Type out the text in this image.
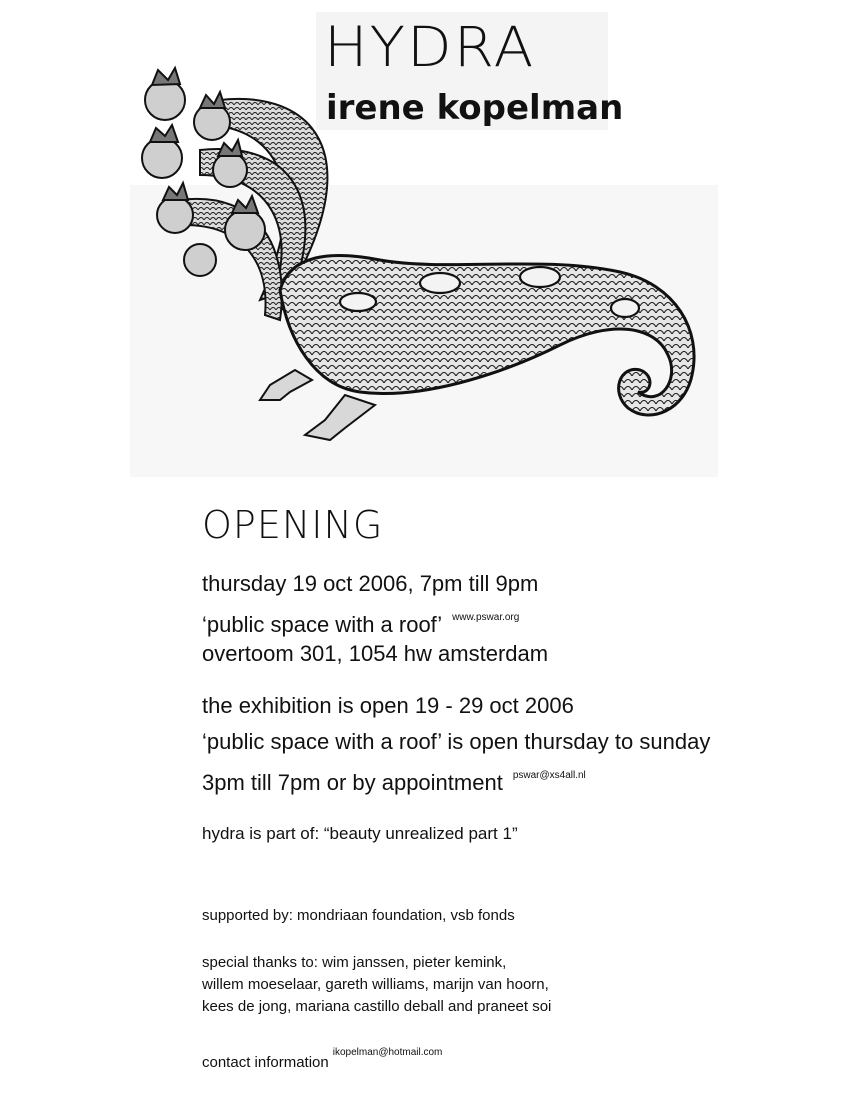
HYDRA
irene kopelman

OPENING

thursday 19 oct 2006, 7pm till 9pm

‘public space with a roof’ $^{www.pswar.org}$

overtoom 301, 1054 hw amsterdam

the exhibition is open 19 - 29 oct 2006

‘public space with a roof’ is open thursday to sunday

3pm till 7pm or by appointment $^{pswar@xs4all.nl}$

hydra is part of: “beauty unrealized part 1”

supported by: mondriaan foundation, vsb fonds

special thanks to: wim janssen, pieter kemink,

willem moeselaar, gareth williams, marijn van hoorn,

kees de jong, mariana castillo deball and praneet soi

contact information$^{ikopelman@hotmail.com}$
